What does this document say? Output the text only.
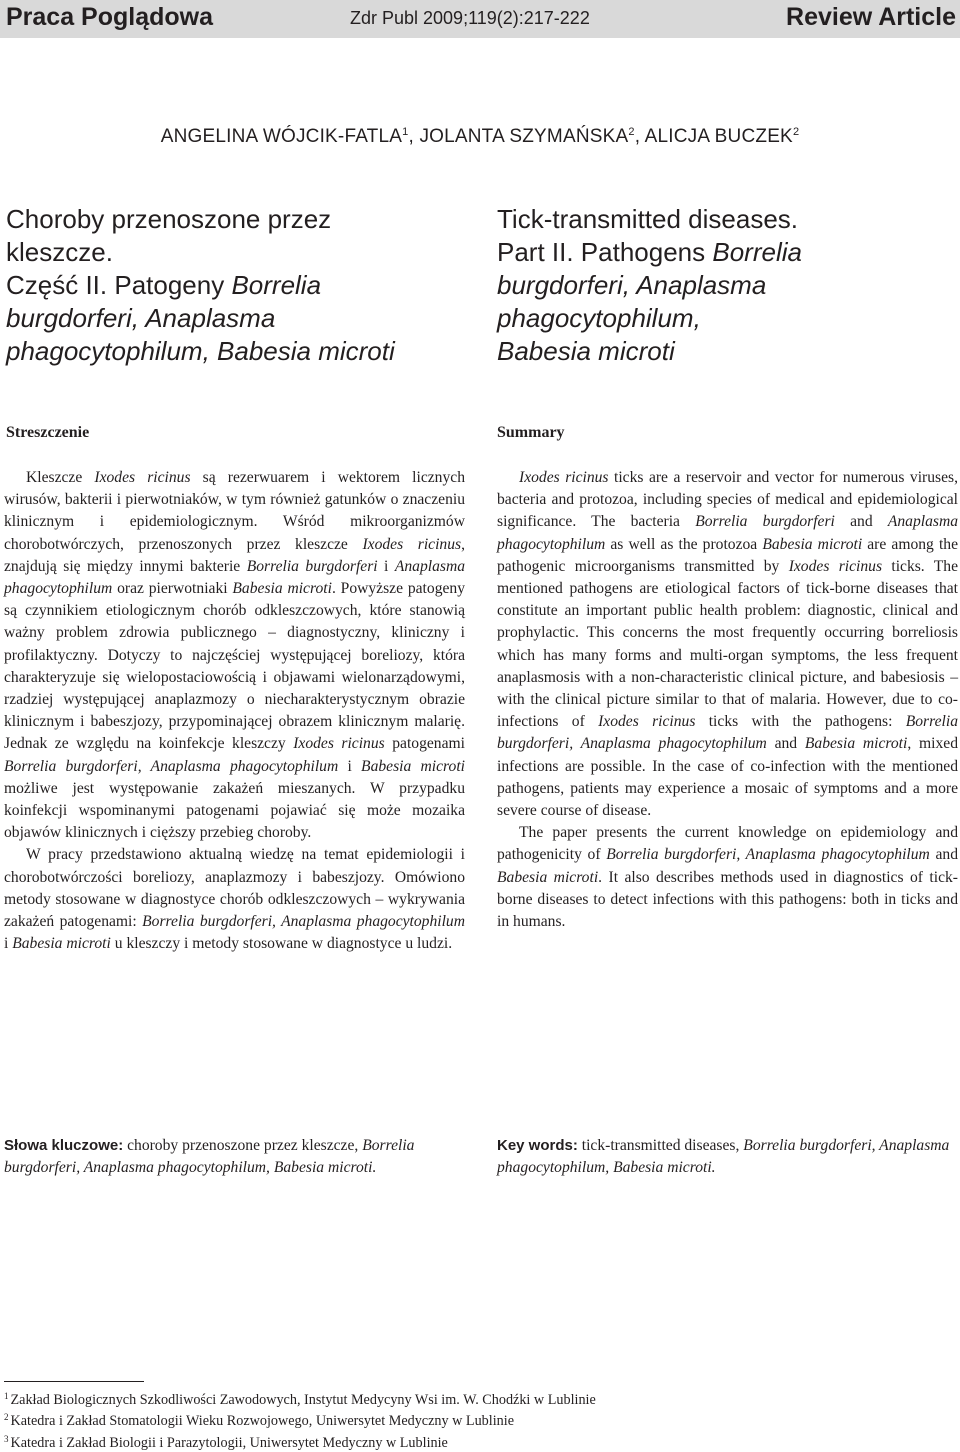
Praca Poglądowa	Zdr Publ 2009;119(2):217-222	Review Article
ANGELINA WÓJCIK-FATLA$^1$, JOLANTA SZYMAŃSKA$^2$, ALICJA BUCZEK$^2$
Choroby przenoszone przez
kleszcze.
Część II. Patogeny Borrelia
burgdorferi, Anaplasma
phagocytophilum, Babesia microti
Tick-transmitted diseases.
Part II. Pathogens Borrelia
burgdorferi, Anaplasma
phagocytophilum,
Babesia microti
Streszczenie	Summary

Kleszcze Ixodes ricinus są rezerwuarem i wektorem licznych wirusów, bakterii i pierwotniaków, w tym również gatunków o znaczeniu klinicznym i epidemiologicznym. Wśród mikroorganizmów chorobotwórczych, przenoszonych przez kleszcze Ixodes ricinus, znajdują się między innymi bakterie Borrelia burgdorferi i Anaplasma phagocytophilum oraz pierwotniaki Babesia microti. Powyższe patogeny są czynnikiem etiologicznym chorób odkleszczowych, które stanowią ważny problem zdrowia publicznego – diagnostyczny, kliniczny i profilaktyczny. Dotyczy to najczęściej występującej boreliozy, która charakteryzuje się wielopostaciowością i objawami wielonarządowymi, rzadziej występującej anaplazmozy o niecharakterystycznym obrazie klinicznym i babeszjozy, przypominającej obrazem klinicznym malarię. Jednak ze względu na koinfekcje kleszczy Ixodes ricinus patogenami Borrelia burgdorferi, Anaplasma phagocytophilum i Babesia microti możliwe jest występowanie zakażeń mieszanych. W przypadku koinfekcji wspominanymi patogenami pojawiać się może mozaika objawów klinicznych i cięższy przebieg choroby.

W pracy przedstawiono aktualną wiedzę na temat epidemiologii i chorobotwórczości boreliozy, anaplazmozy i babeszjozy. Omówiono metody stosowane w diagnostyce chorób odkleszczowych – wykrywania zakażeń patogenami: Borrelia burgdorferi, Anaplasma phagocytophilum i Babesia microti u kleszczy i metody stosowane w diagnostyce u ludzi.

Ixodes ricinus ticks are a reservoir and vector for numerous viruses, bacteria and protozoa, including species of medical and epidemiological significance. The bacteria Borrelia burgdorferi and Anaplasma phagocytophilum as well as the protozoa Babesia microti are among the pathogenic microorganisms transmitted by Ixodes ricinus ticks. The mentioned pathogens are etiological factors of tick-borne diseases that constitute an important public health problem: diagnostic, clinical and prophylactic. This concerns the most frequently occurring borreliosis which has many forms and multi-organ symptoms, the less frequent anaplasmosis with a non-characteristic clinical picture, and babesiosis – with the clinical picture similar to that of malaria. However, due to co-infections of Ixodes ricinus ticks with the pathogens: Borrelia burgdorferi, Anaplasma phagocytophilum and Babesia microti, mixed infections are possible. In the case of co-infection with the mentioned pathogens, patients may experience a mosaic of symptoms and a more severe course of disease.

The paper presents the current knowledge on epidemiology and pathogenicity of Borrelia burgdorferi, Anaplasma phagocytophilum and Babesia microti. It also describes methods used in diagnostics of tick-borne diseases to detect infections with this pathogens: both in ticks and in humans.

Słowa kluczowe: choroby przenoszone przez kleszcze, Borrelia burgdorferi, Anaplasma phagocytophilum, Babesia microti.
Key words: tick-transmitted diseases, Borrelia burgdorferi, Anaplasma phagocytophilum, Babesia microti.
$^1$ Zakład Biologicznych Szkodliwości Zawodowych, Instytut Medycyny Wsi im. W. Chodźki w Lublinie
$^2$ Katedra i Zakład Stomatologii Wieku Rozwojowego, Uniwersytet Medyczny w Lublinie
$^3$ Katedra i Zakład Biologii i Parazytologii, Uniwersytet Medyczny w Lublinie
